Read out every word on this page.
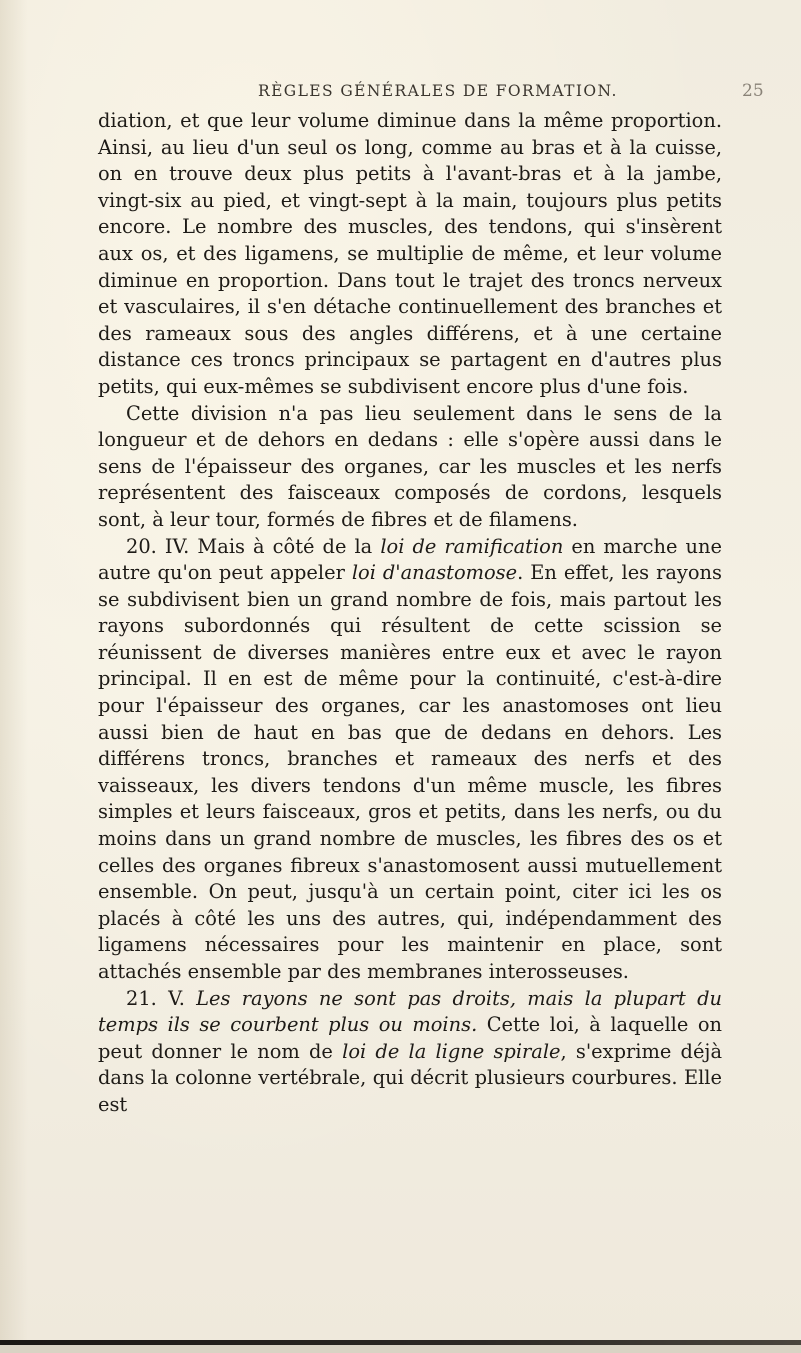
RÈGLES GÉNÉRALES DE FORMATION.	25

diation, et que leur volume diminue dans la même proportion. Ainsi, au lieu d'un seul os long, comme au bras et à la cuisse, on en trouve deux plus petits à l'avant-bras et à la jambe, vingt-six au pied, et vingt-sept à la main, toujours plus petits encore. Le nombre des muscles, des tendons, qui s'insèrent aux os, et des ligamens, se multiplie de même, et leur volume diminue en proportion. Dans tout le trajet des troncs nerveux et vasculaires, il s'en détache continuellement des branches et des rameaux sous des angles différens, et à une certaine distance ces troncs principaux se partagent en d'autres plus petits, qui eux-mêmes se subdivisent encore plus d'une fois.

Cette division n'a pas lieu seulement dans le sens de la longueur et de dehors en dedans : elle s'opère aussi dans le sens de l'épaisseur des organes, car les muscles et les nerfs représentent des faisceaux composés de cordons, lesquels sont, à leur tour, formés de fibres et de filamens.

20. IV. Mais à côté de la loi de ramification en marche une autre qu'on peut appeler loi d'anastomose. En effet, les rayons se subdivisent bien un grand nombre de fois, mais partout les rayons subordonnés qui résultent de cette scission se réunissent de diverses manières entre eux et avec le rayon principal. Il en est de même pour la continuité, c'est-à-dire pour l'épaisseur des organes, car les anastomoses ont lieu aussi bien de haut en bas que de dedans en dehors. Les différens troncs, branches et rameaux des nerfs et des vaisseaux, les divers tendons d'un même muscle, les fibres simples et leurs faisceaux, gros et petits, dans les nerfs, ou du moins dans un grand nombre de muscles, les fibres des os et celles des organes fibreux s'anastomosent aussi mutuellement ensemble. On peut, jusqu'à un certain point, citer ici les os placés à côté les uns des autres, qui, indépendamment des ligamens nécessaires pour les maintenir en place, sont attachés ensemble par des membranes interosseuses.

21. V. Les rayons ne sont pas droits, mais la plupart du temps ils se courbent plus ou moins. Cette loi, à laquelle on peut donner le nom de loi de la ligne spirale, s'exprime déjà dans la colonne vertébrale, qui décrit plusieurs courbures. Elle est
